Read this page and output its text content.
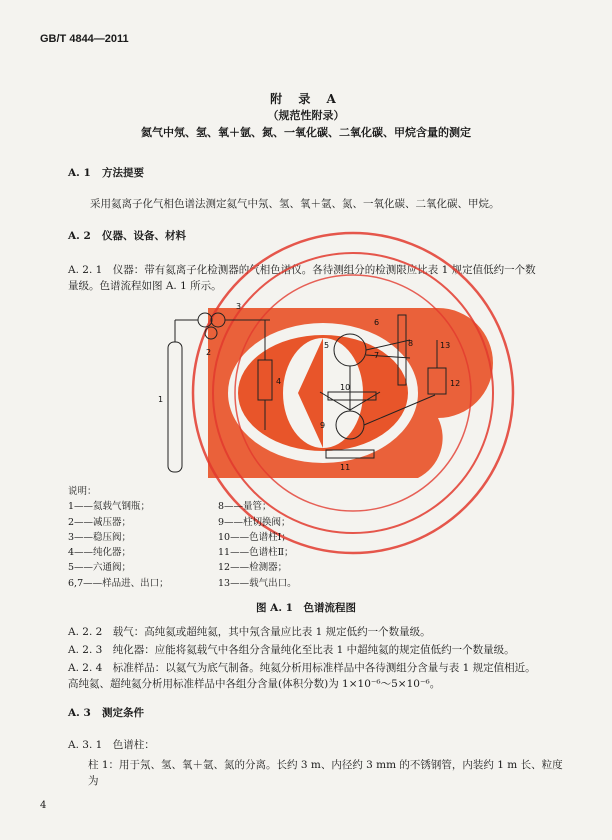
GB/T 4844—2011
附 录 A
（规范性附录）
氦气中氖、氢、氧＋氩、氮、一氧化碳、二氧化碳、甲烷含量的测定
A. 1 方法提要
采用氦离子化气相色谱法测定氦气中氖、氢、氧＋氩、氮、一氧化碳、二氧化碳、甲烷。
A. 2 仪器、设备、材料
A. 2. 1　仪器：带有氦离子化检测器的气相色谱仪。各待测组分的检测限应比表 1 规定值低约一个数
量级。色谱流程如图 A. 1 所示。
1
2
3
4
5
6
7
8
9
10
11
12
13
说明：
1——氦载气钢瓶；	8——量管；
2——减压器；	9——柱切换阀；
3——稳压阀；	10——色谱柱Ⅰ；
4——纯化器；	11——色谱柱Ⅱ；
5——六通阀；	12——检测器；
6,7——样品进、出口；	13——载气出口。
图 A. 1　色谱流程图
A. 2. 2　载气：高纯氦或超纯氦，其中氖含量应比表 1 规定低约一个数量级。
A. 2. 3　纯化器：应能将氦载气中各组分含量纯化至比表 1 中超纯氦的规定值低约一个数量级。
A. 2. 4　标准样品：以氦气为底气制备。纯氦分析用标准样品中各待测组分含量与表 1 规定值相近。
高纯氦、超纯氦分析用标准样品中各组分含量(体积分数)为 1×10⁻⁶～5×10⁻⁶。
A. 3 测定条件
A. 3. 1　色谱柱：
柱 1：用于氖、氢、氧＋氩、氮的分离。长约 3 m、内径约 3 mm 的不锈钢管，内装约 1 m 长、粒度为
4
